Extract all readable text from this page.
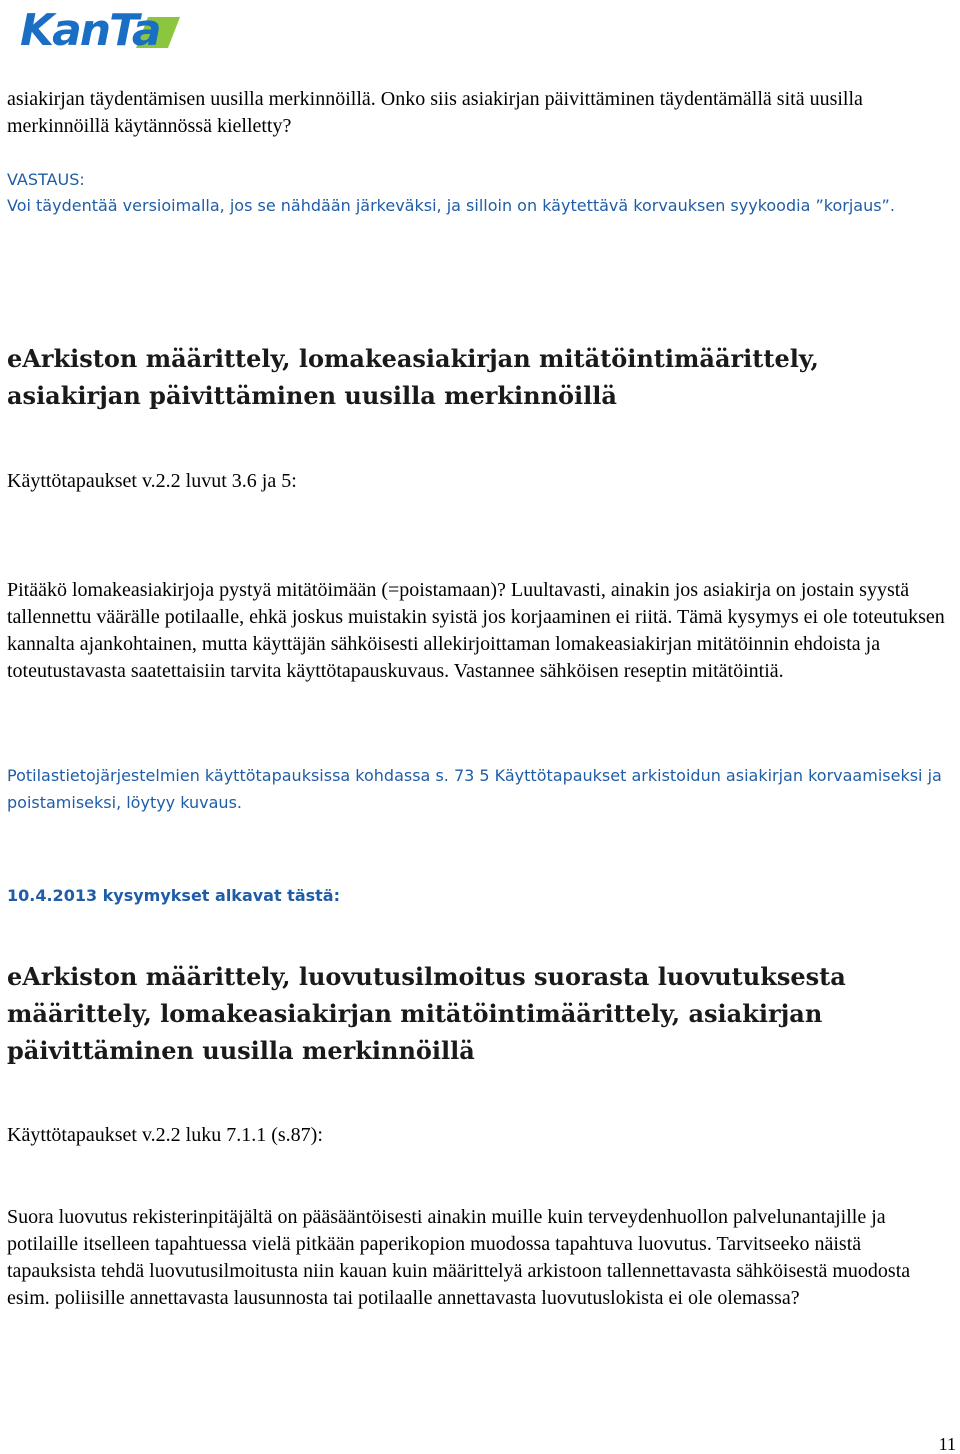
KanTa

asiakirjan täydentämisen uusilla merkinnöillä. Onko siis asiakirjan päivittäminen täydentämällä sitä uusilla merkinnöillä käytännössä kielletty?

VASTAUS:

Voi täydentää versioimalla, jos se nähdään järkeväksi, ja silloin on käytettävä korvauksen syykoodia ”korjaus”.

eArkiston määrittely, lomakeasiakirjan mitätöintimäärittely, asiakirjan päivittäminen uusilla merkinnöillä

Käyttötapaukset v.2.2 luvut 3.6 ja 5:

Pitääkö lomakeasiakirjoja pystyä mitätöimään (=poistamaan)? Luultavasti, ainakin jos asiakirja on jostain syystä tallennettu väärälle potilaalle, ehkä joskus muistakin syistä jos korjaaminen ei riitä. Tämä kysymys ei ole toteutuksen kannalta ajankohtainen, mutta käyttäjän sähköisesti allekirjoittaman lomakeasiakirjan mitätöinnin ehdoista ja toteutustavasta saatettaisiin tarvita käyttötapauskuvaus. Vastannee sähköisen reseptin mitätöintiä.

Potilastietojärjestelmien käyttötapauksissa kohdassa s. 73 5 Käyttötapaukset arkistoidun asiakirjan korvaamiseksi ja poistamiseksi, löytyy kuvaus.

10.4.2013 kysymykset alkavat tästä:

eArkiston määrittely, luovutusilmoitus suorasta luovutuksesta määrittely, lomakeasiakirjan mitätöintimäärittely, asiakirjan päivittäminen uusilla merkinnöillä

Käyttötapaukset v.2.2 luku 7.1.1 (s.87):

Suora luovutus rekisterinpitäjältä on pääsääntöisesti ainakin muille kuin terveydenhuollon palvelunantajille ja potilaille itselleen tapahtuessa vielä pitkään paperikopion muodossa tapahtuva luovutus. Tarvitseeko näistä tapauksista tehdä luovutusilmoitusta niin kauan kuin määrittelyä arkistoon tallennettavasta sähköisestä muodosta esim. poliisille annettavasta lausunnosta tai potilaalle annettavasta luovutuslokista ei ole olemassa?

11
